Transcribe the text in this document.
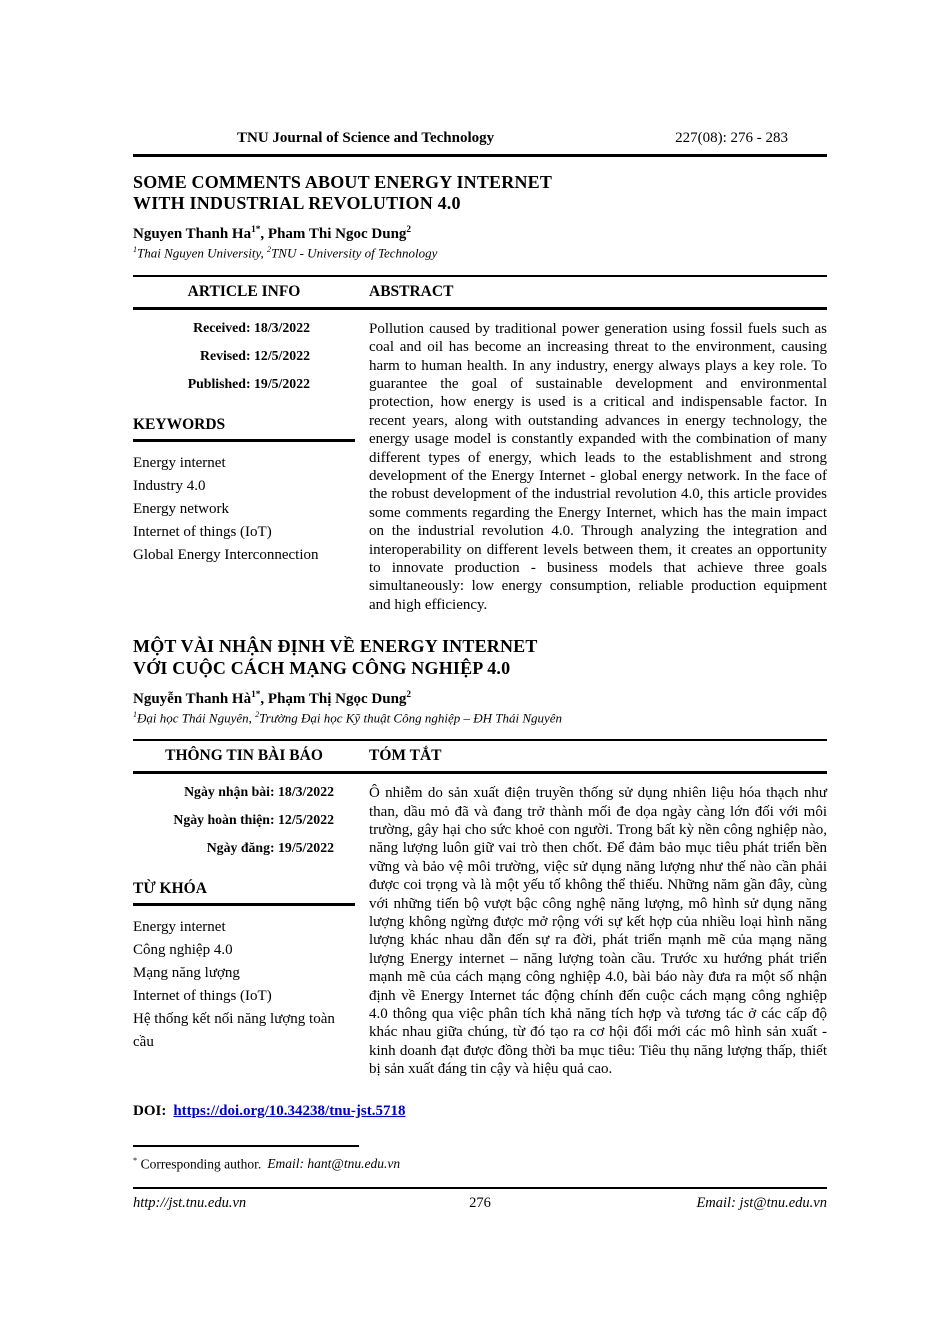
TNU Journal of Science and Technology	227(08): 276 - 283
SOME COMMENTS ABOUT ENERGY INTERNET
WITH INDUSTRIAL REVOLUTION 4.0

Nguyen Thanh $Ha^{1*}$, Pham Thi Ngoc Dung$^2$

$^1$Thai Nguyen University, $^2$TNU - University of Technology

ARTICLE INFO	ABSTRACT
Received: 18/3/2022
Revised: 12/5/2022
Published: 19/5/2022
KEYWORDS
Energy internet
Industry 4.0
Energy network
Internet of things (IoT)
Global Energy Interconnection

Pollution caused by traditional power generation using fossil fuels such as coal and oil has become an increasing threat to the environment, causing harm to human health. In any industry, energy always plays a key role. To guarantee the goal of sustainable development and environmental protection, how energy is used is a critical and indispensable factor. In recent years, along with outstanding advances in energy technology, the energy usage model is constantly expanded with the combination of many different types of energy, which leads to the establishment and strong development of the Energy Internet - global energy network. In the face of the robust development of the industrial revolution 4.0, this article provides some comments regarding the Energy Internet, which has the main impact on the industrial revolution 4.0. Through analyzing the integration and interoperability on different levels between them, it creates an opportunity to innovate production - business models that achieve three goals simultaneously: low energy consumption, reliable production equipment and high efficiency.

MỘT VÀI NHẬN ĐỊNH VỀ ENERGY INTERNET
VỚI CUỘC CÁCH MẠNG CÔNG NGHIỆP 4.0

Nguyễn Thanh $Hà^{1*}$, Phạm Thị Ngọc Dung$^2$

$^1$Đại học Thái Nguyên, $^2$Trường Đại học Kỹ thuật Công nghiệp – ĐH Thái Nguyên

THÔNG TIN BÀI BÁO	TÓM TẮT
Ngày nhận bài: 18/3/2022
Ngày hoàn thiện: 12/5/2022
Ngày đăng: 19/5/2022
TỪ KHÓA
Energy internet
Công nghiệp 4.0
Mạng năng lượng
Internet of things (IoT)
Hệ thống kết nối năng lượng toàn cầu

Ô nhiễm do sản xuất điện truyền thống sử dụng nhiên liệu hóa thạch như than, dầu mỏ đã và đang trở thành mối đe dọa ngày càng lớn đối với môi trường, gây hại cho sức khoẻ con người. Trong bất kỳ nền công nghiệp nào, năng lượng luôn giữ vai trò then chốt. Để đảm bảo mục tiêu phát triển bền vững và bảo vệ môi trường, việc sử dụng năng lượng như thế nào cần phải được coi trọng và là một yếu tố không thể thiếu. Những năm gần đây, cùng với những tiến bộ vượt bậc công nghệ năng lượng, mô hình sử dụng năng lượng không ngừng được mở rộng với sự kết hợp của nhiều loại hình năng lượng khác nhau dẫn đến sự ra đời, phát triển mạnh mẽ của mạng năng lượng Energy internet – năng lượng toàn cầu. Trước xu hướng phát triển mạnh mẽ của cách mạng công nghiệp 4.0, bài báo này đưa ra một số nhận định về Energy Internet tác động chính đến cuộc cách mạng công nghiệp 4.0 thông qua việc phân tích khả năng tích hợp và tương tác ở các cấp độ khác nhau giữa chúng, từ đó tạo ra cơ hội đổi mới các mô hình sản xuất - kinh doanh đạt được đồng thời ba mục tiêu: Tiêu thụ năng lượng thấp, thiết bị sản xuất đáng tin cậy và hiệu quả cao.

DOI: https://doi.org/10.34238/tnu-jst.5718

* Corresponding author. Email: hant@tnu.edu.vn

http://jst.tnu.edu.vn	276	Email: jst@tnu.edu.vn
